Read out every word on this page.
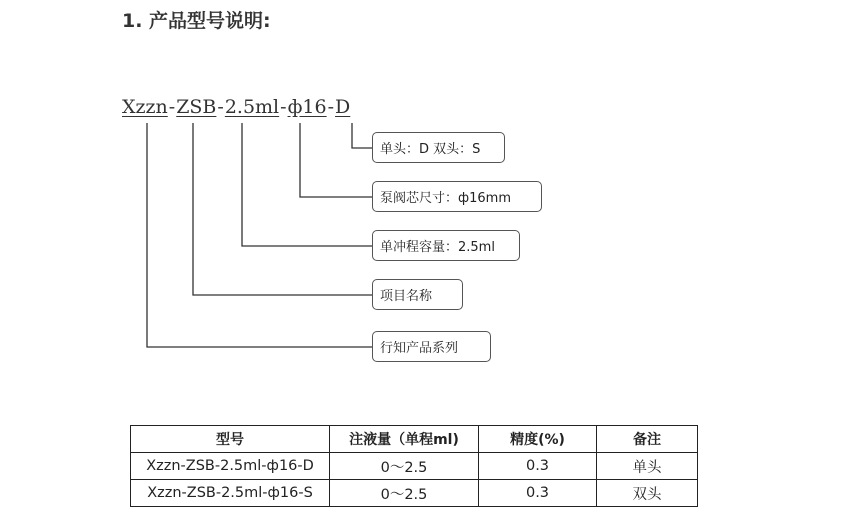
1. 产品型号说明:
Xzzn-ZSB-2.5ml-ф16-D
单头：D 双头：S
泵阀芯尺寸：ф16mm
单冲程容量：2.5ml
项目名称
行知产品系列
型号	注液量（单程ml)	精度(%)	备注
Xzzn-ZSB-2.5ml-ф16-D	0～2.5	0.3	单头
Xzzn-ZSB-2.5ml-ф16-S	0～2.5	0.3	双头
